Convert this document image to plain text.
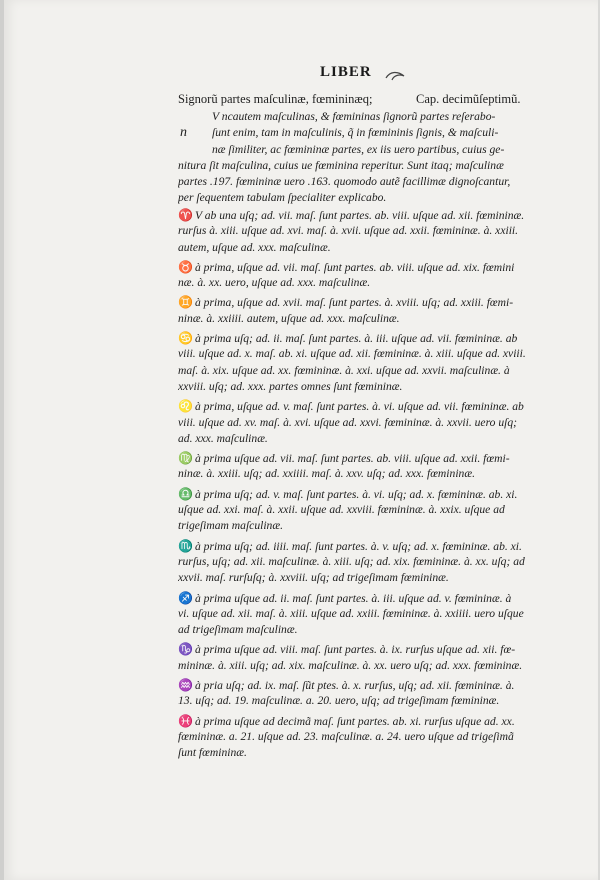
LIBER
Signorũ partes maſculinæ, fœmininæq;	Cap. decimũſeptimũ.
n
V ncautem maſculinas, & fœmininas ſignorũ partes reſerabo-
ſunt enim, tam in maſculinis, q̃ in fœmininis ſignis, & maſculi-
næ ſimiliter, ac fœmininæ partes, ex iis uero partibus, cuius ge-
nitura ſit maſculina, cuius ue fœminina reperitur. Sunt itaq; maſculinæ
partes .197. fœmininæ uero .163. quomodo autẽ facillimæ dignoſcantur,
per ſequentem tabulam ſpecialiter explicabo.
♈ V ab una uſq; ad. vii. maſ. ſunt partes. ab. viii. uſque ad. xii. fœmininæ.
rurſus à. xiii. uſque ad. xvi. maſ. à. xvii. uſque ad. xxii. fœmininæ. à. xxiii.
autem, uſque ad. xxx. maſculinæ.
♉ à prima, uſque ad. vii. maſ. ſunt partes. ab. viii. uſque ad. xix. fœmini
næ. à. xx. uero, uſque ad. xxx. maſculinæ.
♊ à prima, uſque ad. xvii. maſ. ſunt partes. à. xviii. uſq; ad. xxiii. fœmi-
ninæ. à. xxiiii. autem, uſque ad. xxx. maſculinæ.
♋ à prima uſq; ad. ii. maſ. ſunt partes. à. iii. uſque ad. vii. fœmininæ. ab
viii. uſque ad. x. maſ. ab. xi. uſque ad. xii. fœmininæ. à. xiii. uſque ad. xviii.
maſ. à. xix. uſque ad. xx. fœmininæ. à. xxi. uſque ad. xxvii. maſculinæ. à
xxviii. uſq; ad. xxx. partes omnes ſunt fœmininæ.
♌ à prima, uſque ad. v. maſ. ſunt partes. à. vi. uſque ad. vii. fœmininæ. ab
viii. uſque ad. xv. maſ. à. xvi. uſque ad. xxvi. fœmininæ. à. xxvii. uero uſq;
ad. xxx. maſculinæ.
♍ à prima uſque ad. vii. maſ. ſunt partes. ab. viii. uſque ad. xxii. fœmi-
ninæ. à. xxiii. uſq; ad. xxiiii. maſ. à. xxv. uſq; ad. xxx. fœmininæ.
♎ à prima uſq; ad. v. maſ. ſunt partes. à. vi. uſq; ad. x. fœmininæ. ab. xi.
uſque ad. xxi. maſ. à. xxii. uſque ad. xxviii. fœmininæ. à. xxix. uſque ad
trigeſimam maſculinæ.
♏ à prima uſq; ad. iiii. maſ. ſunt partes. à. v. uſq; ad. x. fœmininæ. ab. xi.
rurſus, uſq; ad. xii. maſculinæ. à. xiii. uſq; ad. xix. fœmininæ. à. xx. uſq; ad
xxvii. maſ. rurſuſq; à. xxviii. uſq; ad trigeſimam fœmininæ.
♐ à prima uſque ad. ii. maſ. ſunt partes. à. iii. uſque ad. v. fœmininæ. à
vi. uſque ad. xii. maſ. à. xiii. uſque ad. xxiii. fœmininæ. à. xxiiii. uero uſque
ad trigeſimam maſculinæ.
♑ à prima uſque ad. viii. maſ. ſunt partes. à. ix. rurſus uſque ad. xii. fœ-
mininæ. à. xiii. uſq; ad. xix. maſculinæ. à. xx. uero uſq; ad. xxx. fœmininæ.
♒ à pria uſq; ad. ix. maſ. ſũt ptes. à. x. rurſus, uſq; ad. xii. fœmininæ. à.
13. uſq; ad. 19. maſculinæ. a. 20. uero, uſq; ad trigeſimam fœmininæ.
♓ à prima uſque ad decimã maſ. ſunt partes. ab. xi. rurſus uſque ad. xx.
fœmininæ. a. 21. uſque ad. 23. maſculinæ. a. 24. uero uſque ad trigeſimã
ſunt fœmininæ.
